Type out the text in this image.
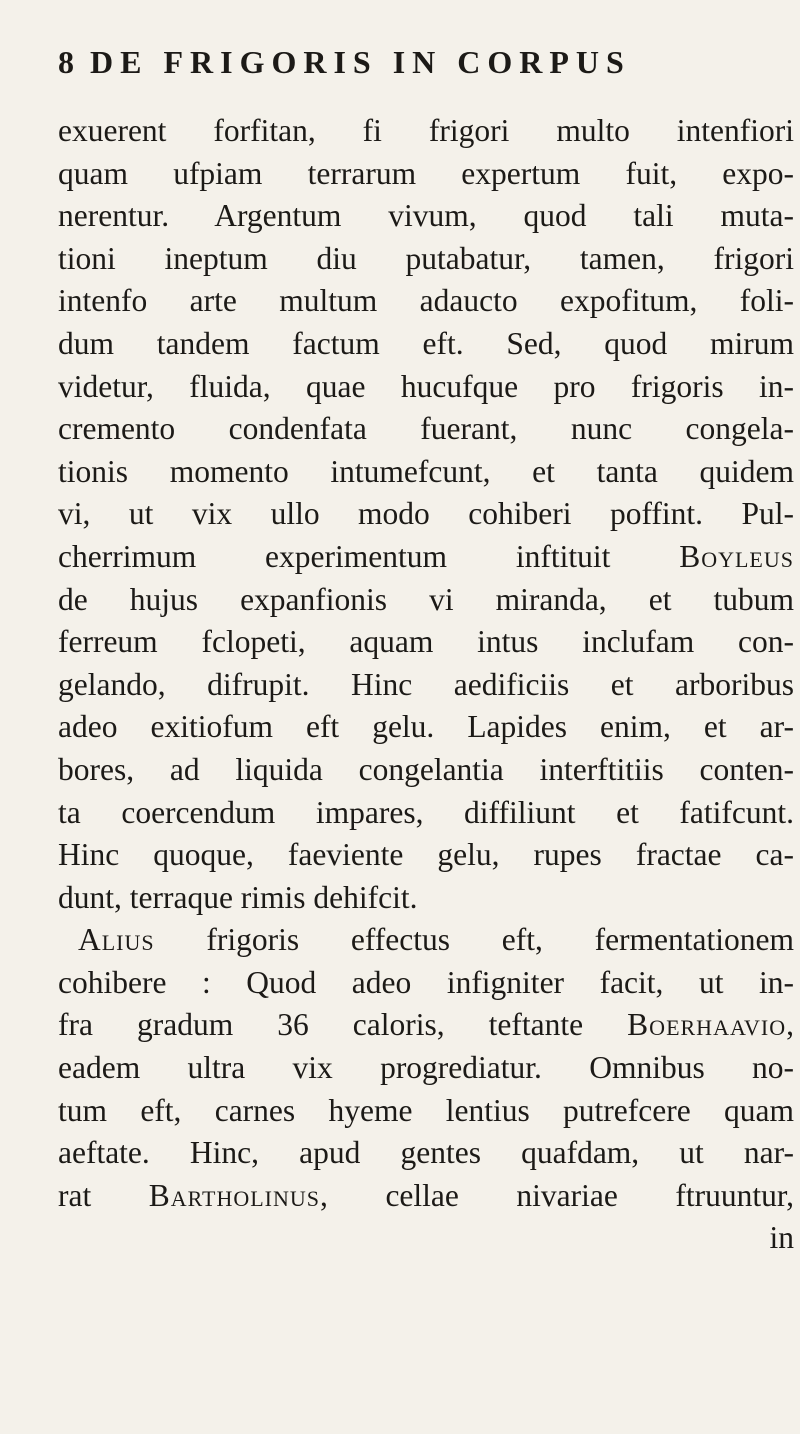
8 DE FRIGORIS IN CORPUS
exuerent forfitan, fi frigori multo intenfiori
quam ufpiam terrarum expertum fuit, expo-
nerentur. Argentum vivum, quod tali muta-
tioni ineptum diu putabatur, tamen, frigori
intenfo arte multum adaucto expofitum, foli-
dum tandem factum eft. Sed, quod mirum
videtur, fluida, quae hucufque pro frigoris in-
cremento condenfata fuerant, nunc congela-
tionis momento intumefcunt, et tanta quidem
vi, ut vix ullo modo cohiberi poffint. Pul-
cherrimum experimentum inftituit Boyleus
de hujus expanfionis vi miranda, et tubum
ferreum fclopeti, aquam intus inclufam con-
gelando, difrupit. Hinc aedificiis et arboribus
adeo exitiofum eft gelu. Lapides enim, et ar-
bores, ad liquida congelantia interftitiis conten-
ta coercendum impares, diffiliunt et fatifcunt.
Hinc quoque, faeviente gelu, rupes fractae ca-
dunt, terraque rimis dehifcit.
Alius frigoris effectus eft, fermentationem
cohibere : Quod adeo infigniter facit, ut in-
fra gradum 36 caloris, teftante Boerhaavio,
eadem ultra vix progrediatur. Omnibus no-
tum eft, carnes hyeme lentius putrefcere quam
aeftate. Hinc, apud gentes quafdam, ut nar-
rat Bartholinus, cellae nivariae ftruuntur,
in
